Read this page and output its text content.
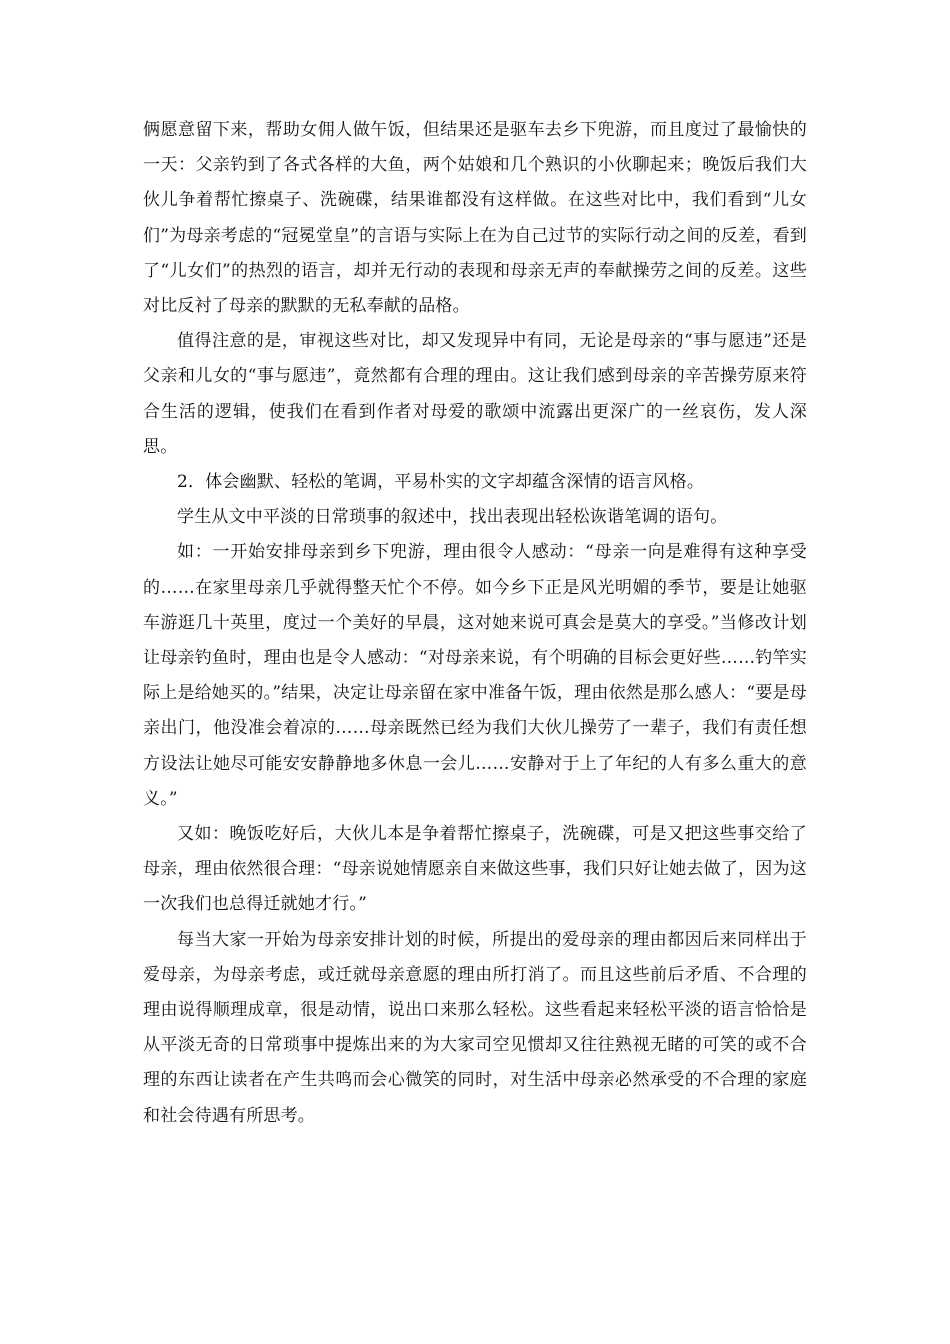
俩愿意留下来，帮助女佣人做午饭，但结果还是驱车去乡下兜游，而且度过了最愉快的一天：父亲钓到了各式各样的大鱼，两个姑娘和几个熟识的小伙聊起来；晚饭后我们大伙儿争着帮忙擦桌子、洗碗碟，结果谁都没有这样做。在这些对比中，我们看到“儿女们”为母亲考虑的“冠冕堂皇”的言语与实际上在为自己过节的实际行动之间的反差，看到了“儿女们”的热烈的语言，却并无行动的表现和母亲无声的奉献操劳之间的反差。这些对比反衬了母亲的默默的无私奉献的品格。

值得注意的是，审视这些对比，却又发现异中有同，无论是母亲的“事与愿违”还是父亲和儿女的“事与愿违”，竟然都有合理的理由。这让我们感到母亲的辛苦操劳原来符合生活的逻辑，使我们在看到作者对母爱的歌颂中流露出更深广的一丝哀伤，发人深思。

2．体会幽默、轻松的笔调，平易朴实的文字却蕴含深情的语言风格。

学生从文中平淡的日常琐事的叙述中，找出表现出轻松诙谐笔调的语句。

如：一开始安排母亲到乡下兜游，理由很令人感动：“母亲一向是难得有这种享受的……在家里母亲几乎就得整天忙个不停。如今乡下正是风光明媚的季节，要是让她驱车游逛几十英里，度过一个美好的早晨，这对她来说可真会是莫大的享受。”当修改计划让母亲钓鱼时，理由也是令人感动：“对母亲来说，有个明确的目标会更好些……钓竿实际上是给她买的。”结果，决定让母亲留在家中准备午饭，理由依然是那么感人：“要是母亲出门，他没准会着凉的……母亲既然已经为我们大伙儿操劳了一辈子，我们有责任想方设法让她尽可能安安静静地多休息一会儿……安静对于上了年纪的人有多么重大的意义。”

又如：晚饭吃好后，大伙儿本是争着帮忙擦桌子，洗碗碟，可是又把这些事交给了母亲，理由依然很合理：“母亲说她情愿亲自来做这些事，我们只好让她去做了，因为这一次我们也总得迁就她才行。”

每当大家一开始为母亲安排计划的时候，所提出的爱母亲的理由都因后来同样出于爱母亲，为母亲考虑，或迁就母亲意愿的理由所打消了。而且这些前后矛盾、不合理的理由说得顺理成章，很是动情，说出口来那么轻松。这些看起来轻松平淡的语言恰恰是从平淡无奇的日常琐事中提炼出来的为大家司空见惯却又往往熟视无睹的可笑的或不合理的东西让读者在产生共鸣而会心微笑的同时，对生活中母亲必然承受的不合理的家庭和社会待遇有所思考。
